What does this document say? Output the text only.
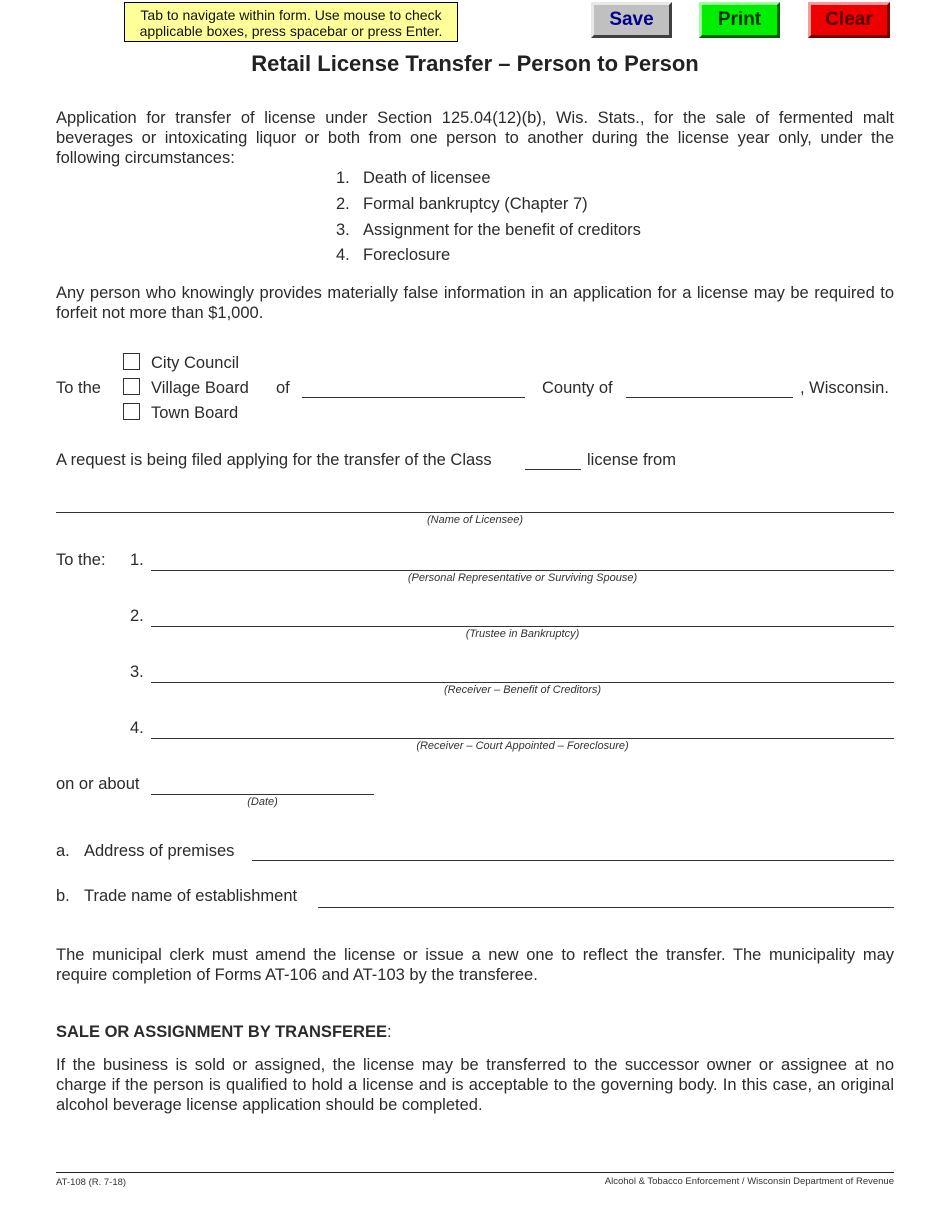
Tab to navigate within form. Use mouse to check applicable boxes, press spacebar or press Enter.
Save	Print	Clear
Retail License Transfer – Person to Person
Application for transfer of license under Section 125.04(12)(b), Wis. Stats., for the sale of fermented malt beverages or intoxicating liquor or both from one person to another during the license year only, under the following circumstances:
1. Death of licensee
2. Formal bankruptcy (Chapter 7)
3. Assignment for the benefit of creditors
4. Foreclosure
Any person who knowingly provides materially false information in an application for a license may be required to forfeit not more than $1,000.
To the
City Council
Village Board
Town Board
of	County of	, Wisconsin.
A request is being filed applying for the transfer of the Class	license from
(Name of Licensee)
To the: 1.
(Personal Representative or Surviving Spouse)
2.
(Trustee in Bankruptcy)
3.
(Receiver – Benefit of Creditors)
4.
(Receiver – Court Appointed – Foreclosure)
on or about
(Date)
a. Address of premises
b. Trade name of establishment
The municipal clerk must amend the license or issue a new one to reflect the transfer. The municipality may require completion of Forms AT-106 and AT-103 by the transferee.
SALE OR ASSIGNMENT BY TRANSFEREE:
If the business is sold or assigned, the license may be transferred to the successor owner or assignee at no charge if the person is qualified to hold a license and is acceptable to the governing body. In this case, an original alcohol beverage license application should be completed.
AT-108 (R. 7-18)	Alcohol & Tobacco Enforcement / Wisconsin Department of Revenue
